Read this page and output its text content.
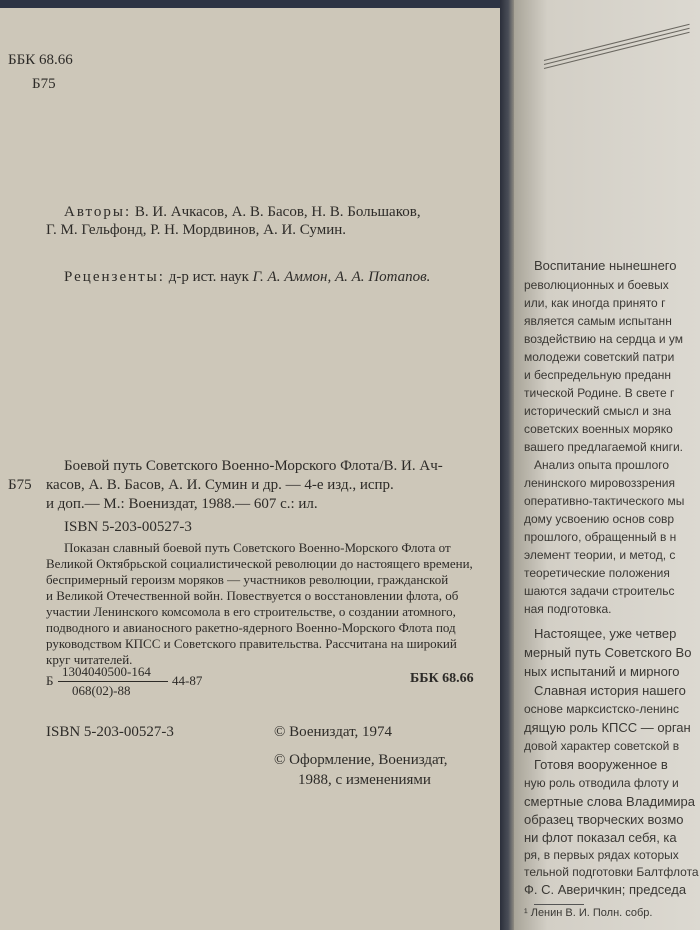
ББК 68.66
Б75
Авторы: В. И. Ачкасов, А. В. Басов, Н. В. Большаков,
Г. М. Гельфонд, Р. Н. Мордвинов, А. И. Сумин.
Рецензенты: д-р ист. наук Г. А. Аммон, А. А. Потапов.
Б75
Боевой путь Советского Военно-Морского Флота/В. И. Ач-
касов, А. В. Басов, А. И. Сумин и др. — 4-е изд., испр.
и доп.— М.: Воениздат, 1988.— 607 с.: ил.
ISBN 5-203-00527-3
Показан славный боевой путь Советского Военно-Морского Флота от
Великой Октябрьской социалистической революции до настоящего времени,
беспримерный героизм моряков — участников революции, гражданской
и Великой Отечественной войн. Повествуется о восстановлении флота, об
участии Ленинского комсомола в его строительстве, о создании атомного,
подводного и авианосного ракетно-ядерного Военно-Морского Флота под
руководством КПСС и Советского правительства. Рассчитана на широкий
круг читателей.
Б
1304040500-164
068(02)-88
44-87	ББК 68.66
ISBN 5-203-00527-3	© Воениздат, 1974
© Оформление, Воениздат,
1988, с изменениями
Воспитание нынешнего
революционных и боевых
или, как иногда принято г
является самым испытанн
воздействию на сердца и ум
молодежи советский патри
и беспредельную преданн
тической Родине. В свете г
исторический смысл и зна
советских военных моряко
вашего предлагаемой книги.
Анализ опыта прошлого
ленинского мировоззрения
оперативно-тактического мы
дому усвоению основ совр
прошлого, обращенный в н
элемент теории, и метод, с
теоретические положения
шаются задачи строительс
ная подготовка.
Настоящее, уже четвер
мерный путь Советского Во
ных испытаний и мирного
Славная история нашего
основе марксистско-ленинс
дящую роль КПСС — орган
довой характер советской в
Готовя вооруженное в
ную роль отводила флоту и
смертные слова Владимира
образец творческих возмо
ни флот показал себя, ка
ря, в первых рядах которых
тельной подготовки Балтфлота
Ф. С. Аверичкин; председа
¹ Ленин В. И. Полн. собр.
